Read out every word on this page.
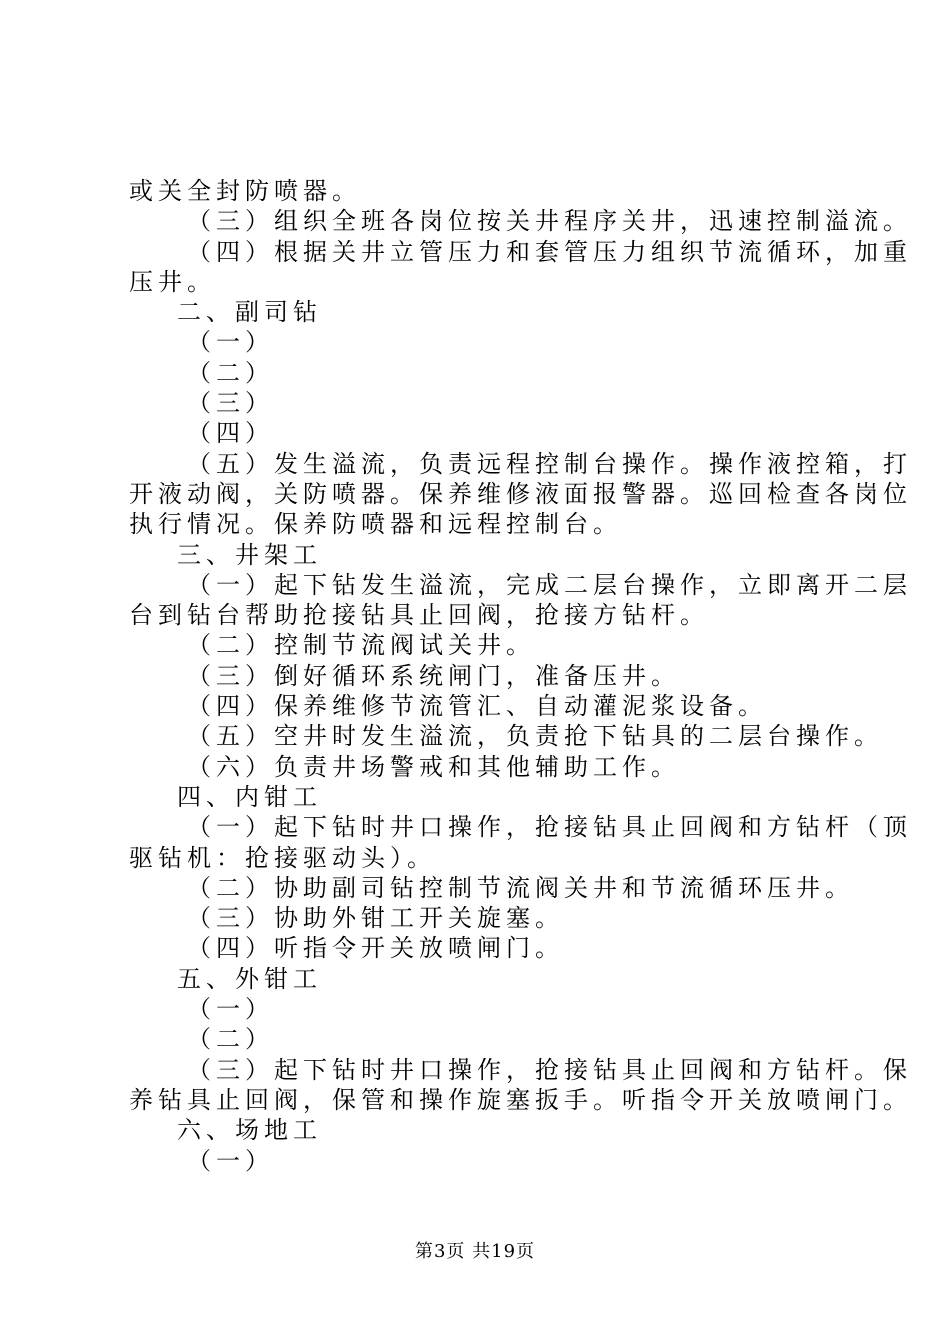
或关全封防喷器。
（三）组织全班各岗位按关井程序关井，迅速控制溢流。
（四）根据关井立管压力和套管压力组织节流循环，加重
压井。
二、副司钻
（一）
（二）
（三）
（四）
（五）发生溢流，负责远程控制台操作。操作液控箱，打
开液动阀，关防喷器。保养维修液面报警器。巡回检查各岗位
执行情况。保养防喷器和远程控制台。
三、井架工
（一）起下钻发生溢流，完成二层台操作，立即离开二层
台到钻台帮助抢接钻具止回阀，抢接方钻杆。
（二）控制节流阀试关井。
（三）倒好循环系统闸门，准备压井。
（四）保养维修节流管汇、自动灌泥浆设备。
（五）空井时发生溢流，负责抢下钻具的二层台操作。
（六）负责井场警戒和其他辅助工作。
四、内钳工
（一）起下钻时井口操作，抢接钻具止回阀和方钻杆（顶
驱钻机：抢接驱动头）。
（二）协助副司钻控制节流阀关井和节流循环压井。
（三）协助外钳工开关旋塞。
（四）听指令开关放喷闸门。
五、外钳工
（一）
（二）
（三）起下钻时井口操作，抢接钻具止回阀和方钻杆。保
养钻具止回阀，保管和操作旋塞扳手。听指令开关放喷闸门。
六、场地工
（一）
第3页 共19页
